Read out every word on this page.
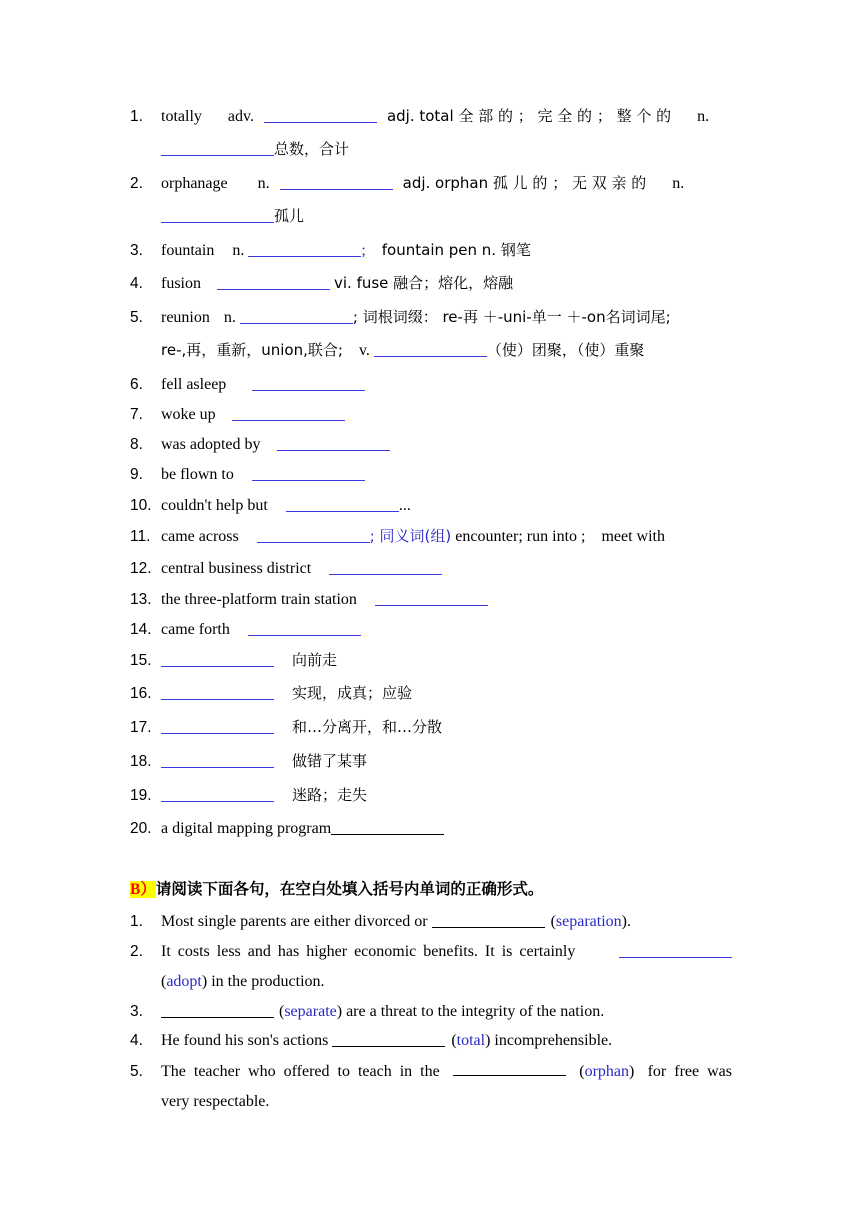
1. totally adv.	adj. total 全 部 的 ； 完 全 的 ； 整 个 的 n.
总数，合计
2. orphanage n.	adj. orphan 孤 儿 的 ； 无 双 亲 的 n.
孤儿
3. fountain n.	; fountain pen n. 钢笔
4. fusion	vi. fuse 融合；熔化，熔融
5. reunion n.	; 词根词缀： re-再 ＋-uni-单一 ＋-on名词词尾;
re-,再，重新，union,联合; v.	（使）团聚，（使）重聚
6. fell asleep
7. woke up
8. was adopted by
9. be flown to
10. couldn't help but	...
11. came across	; 同义词(组) encounter; run into ;    meet with
12. central business district
13. the three-platform train station
14. came forth
15.	向前走
16.	实现，成真；应验
17.	和…分离开，和…分散
18.	做错了某事
19.	迷路；走失
20. a digital mapping program
B）请阅读下面各句，在空白处填入括号内单词的正确形式。
1. Most single parents are either divorced or	(separation).
2. It costs less and has higher economic benefits. It is certainly
(adopt) in the production.
3.	(separate) are a threat to the integrity of the nation.
4. He found his son's actions	(total) incomprehensible.
5. The teacher who offered to teach in the	(orphan) for free was
very respectable.
